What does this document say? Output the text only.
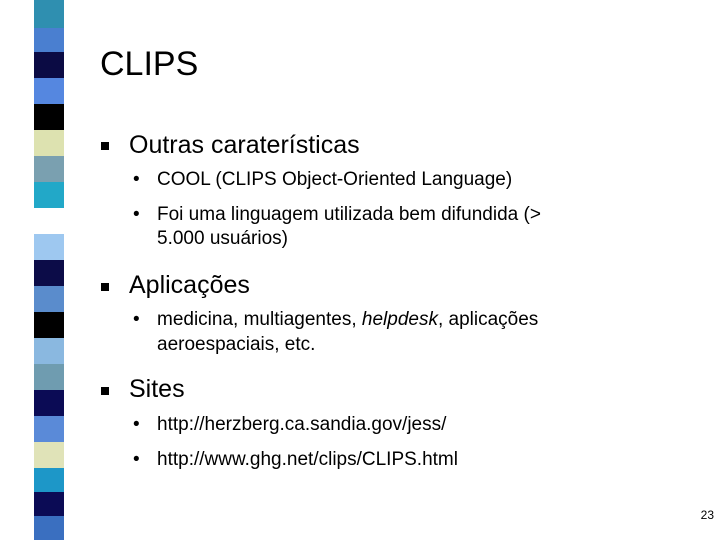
CLIPS
Outras caraterísticas
• COOL (CLIPS Object-Oriented Language)
• Foi uma linguagem utilizada bem difundida (>
5.000 usuários)
Aplicações
• medicina, multiagentes, helpdesk, aplicações
aeroespaciais, etc.
Sites
• http://herzberg.ca.sandia.gov/jess/
• http://www.ghg.net/clips/CLIPS.html
23
